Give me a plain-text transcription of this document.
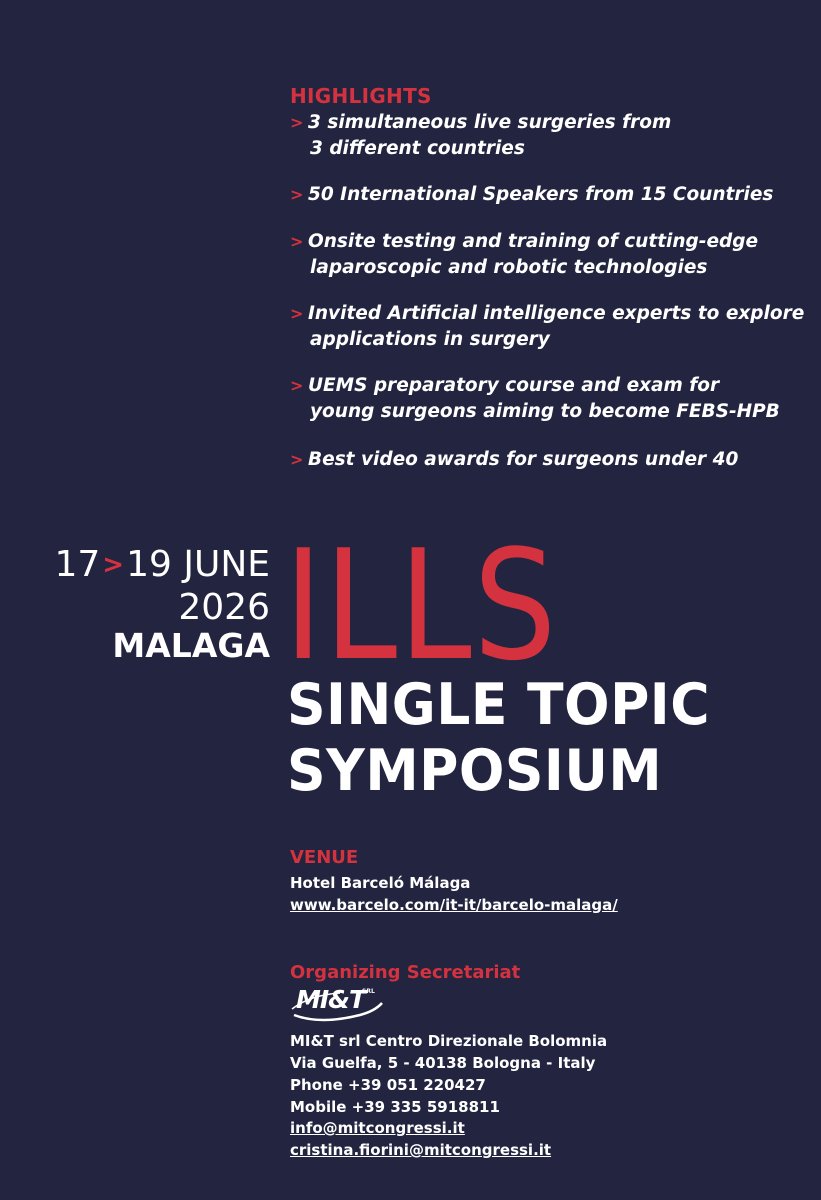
HIGHLIGHTS
> 3 simultaneous live surgeries from
3 different countries
> 50 International Speakers from 15 Countries
> Onsite testing and training of cutting-edge
laparoscopic and robotic technologies
> Invited Artificial intelligence experts to explore
applications in surgery
> UEMS preparatory course and exam for
young surgeons aiming to become FEBS-HPB
> Best video awards for surgeons under 40
17>19 JUNE
2026
MALAGA ILLS
SINGLE TOPIC
SYMPOSIUM
VENUE
Hotel Barceló Málaga
www.barcelo.com/it-it/barcelo-malaga/
Organizing Secretariat
MI&T
SRL
MI&T srl Centro Direzionale Bolomnia
Via Guelfa, 5 - 40138 Bologna - Italy
Phone +39 051 220427
Mobile +39 335 5918811
info@mitcongressi.it
cristina.fiorini@mitcongressi.it
